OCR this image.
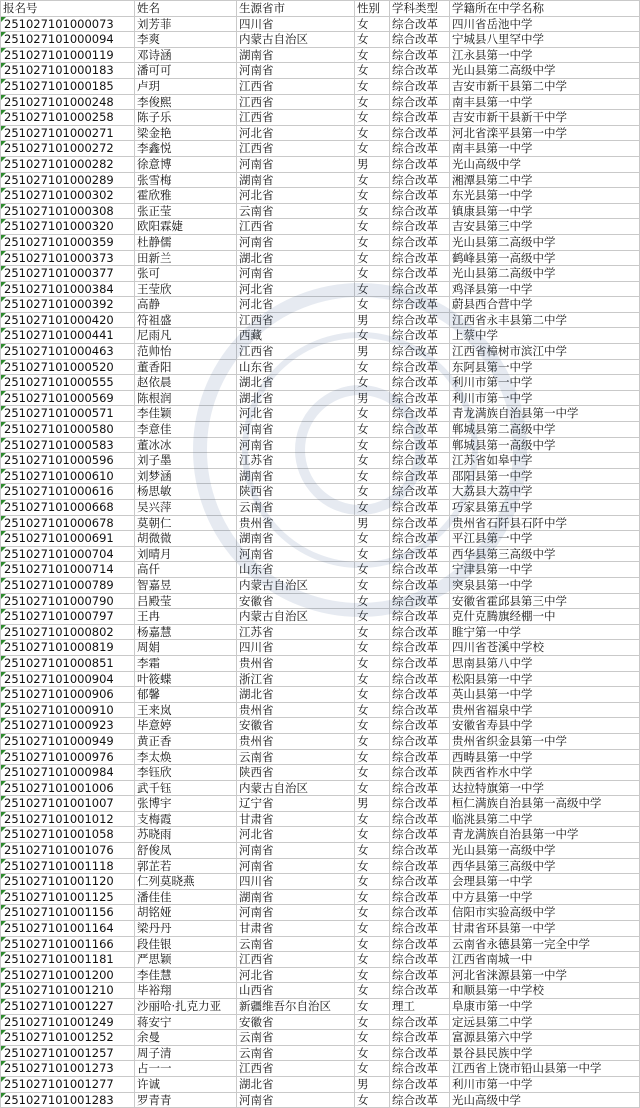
报名号	姓名	生源省市	性别	学科类型	学籍所在中学名称
251027101000073	刘芳菲	四川省	女	综合改革	四川省岳池中学
251027101000094	李爽	内蒙古自治区	女	综合改革	宁城县八里罕中学
251027101000119	邓诗涵	湖南省	女	综合改革	江永县第一中学
251027101000183	潘可可	河南省	女	综合改革	光山县第二高级中学
251027101000185	卢玥	江西省	女	综合改革	吉安市新干县第二中学
251027101000248	李俊熙	江西省	女	综合改革	南丰县第一中学
251027101000258	陈子乐	江西省	女	综合改革	吉安市新干县新干中学
251027101000271	梁金艳	河北省	女	综合改革	河北省滦平县第一中学
251027101000272	李鑫悦	江西省	女	综合改革	南丰县第一中学
251027101000282	徐意博	河南省	男	综合改革	光山高级中学
251027101000289	张雪梅	湖南省	女	综合改革	湘潭县第二中学
251027101000302	霍欣雅	河北省	女	综合改革	东光县第一中学
251027101000308	张正莹	云南省	女	综合改革	镇康县第一中学
251027101000320	欧阳霖婕	江西省	女	综合改革	吉安县第三中学
251027101000359	杜静儒	河南省	女	综合改革	光山县第二高级中学
251027101000373	田新兰	湖北省	女	综合改革	鹤峰县第一高级中学
251027101000377	张可	河南省	女	综合改革	光山县第二高级中学
251027101000384	王莹欣	河北省	女	综合改革	鸡泽县第一中学
251027101000392	高静	河北省	女	综合改革	蔚县西合营中学
251027101000420	符祖盛	江西省	男	综合改革	江西省永丰县第二中学
251027101000441	尼雨凡	西藏	女	综合改革	上蔡中学
251027101000463	范帅怡	江西省	男	综合改革	江西省樟树市滨江中学
251027101000520	董香阳	山东省	女	综合改革	东阿县第一中学
251027101000555	赵依晨	湖北省	女	综合改革	利川市第一中学
251027101000569	陈根润	湖北省	男	综合改革	利川市第一中学
251027101000571	李佳颖	河北省	女	综合改革	青龙满族自治县第一中学
251027101000580	李意佳	河南省	女	综合改革	郸城县第二高级中学
251027101000583	董冰冰	河南省	女	综合改革	郸城县第一高级中学
251027101000596	刘子墨	江苏省	女	综合改革	江苏省如皋中学
251027101000610	刘梦涵	湖南省	女	综合改革	邵阳县第一中学
251027101000616	杨思敏	陕西省	女	综合改革	大荔县大荔中学
251027101000668	吴兴萍	云南省	女	综合改革	巧家县第五中学
251027101000678	莫朝仁	贵州省	男	综合改革	贵州省石阡县石阡中学
251027101000691	胡微微	湖南省	女	综合改革	平江县第一中学
251027101000704	刘晴月	河南省	女	综合改革	西华县第三高级中学
251027101000714	高仟	山东省	女	综合改革	宁津县第一中学
251027101000789	智嘉昱	内蒙古自治区	女	综合改革	突泉县第一中学
251027101000790	吕殿莹	安徽省	女	综合改革	安徽省霍邱县第三中学
251027101000797	王冉	内蒙古自治区	女	综合改革	克什克腾旗经棚一中
251027101000802	杨嘉慧	江苏省	女	综合改革	睢宁第一中学
251027101000819	周娟	四川省	女	综合改革	四川省苍溪中学校
251027101000851	李霜	贵州省	女	综合改革	思南县第八中学
251027101000904	叶筱蝶	浙江省	女	综合改革	松阳县第一中学
251027101000906	郁馨	湖北省	女	综合改革	英山县第一中学
251027101000910	王来岚	贵州省	女	综合改革	贵州省福泉中学
251027101000923	毕意婷	安徽省	女	综合改革	安徽省寿县中学
251027101000949	黄正香	贵州省	女	综合改革	贵州省织金县第一中学
251027101000976	李太焕	云南省	女	综合改革	西畴县第一中学
251027101000984	李钰欣	陕西省	女	综合改革	陕西省柞水中学
251027101001006	武千钰	内蒙古自治区	女	综合改革	达拉特旗第一中学
251027101001007	张博宇	辽宁省	男	综合改革	桓仁满族自治县第一高级中学
251027101001012	支梅霞	甘肃省	女	综合改革	临洮县第二中学
251027101001058	苏晓雨	河北省	女	综合改革	青龙满族自治县第一中学
251027101001076	舒俊凤	河南省	女	综合改革	光山县第一高级中学
251027101001118	郭芷若	河南省	女	综合改革	西华县第三高级中学
251027101001120	仁列莫晓燕	四川省	女	综合改革	会理县第一中学
251027101001125	潘佳佳	湖南省	女	综合改革	中方县第一中学
251027101001156	胡铭娅	河南省	女	综合改革	信阳市实验高级中学
251027101001164	梁丹丹	甘肃省	女	综合改革	甘肃省环县第一中学
251027101001166	段佳银	云南省	女	综合改革	云南省永德县第一完全中学
251027101001181	严思颖	江西省	女	综合改革	江西省南城一中
251027101001200	李佳慧	河北省	女	综合改革	河北省涞源县第一中学
251027101001210	毕裕翔	山西省	女	综合改革	和顺县第一中学校
251027101001227	沙丽哈·扎克力亚	新疆维吾尔自治区	女	理工	阜康市第一中学
251027101001249	蒋安宁	安徽省	女	综合改革	定远县第二中学
251027101001252	余曼	云南省	女	综合改革	富源县第六中学
251027101001257	周子清	云南省	女	综合改革	景谷县民族中学
251027101001273	占一一	江西省	女	综合改革	江西省上饶市铅山县第一中学
251027101001277	许诚	湖北省	男	综合改革	利川市第一中学
251027101001283	罗青青	河南省	女	综合改革	光山高级中学
